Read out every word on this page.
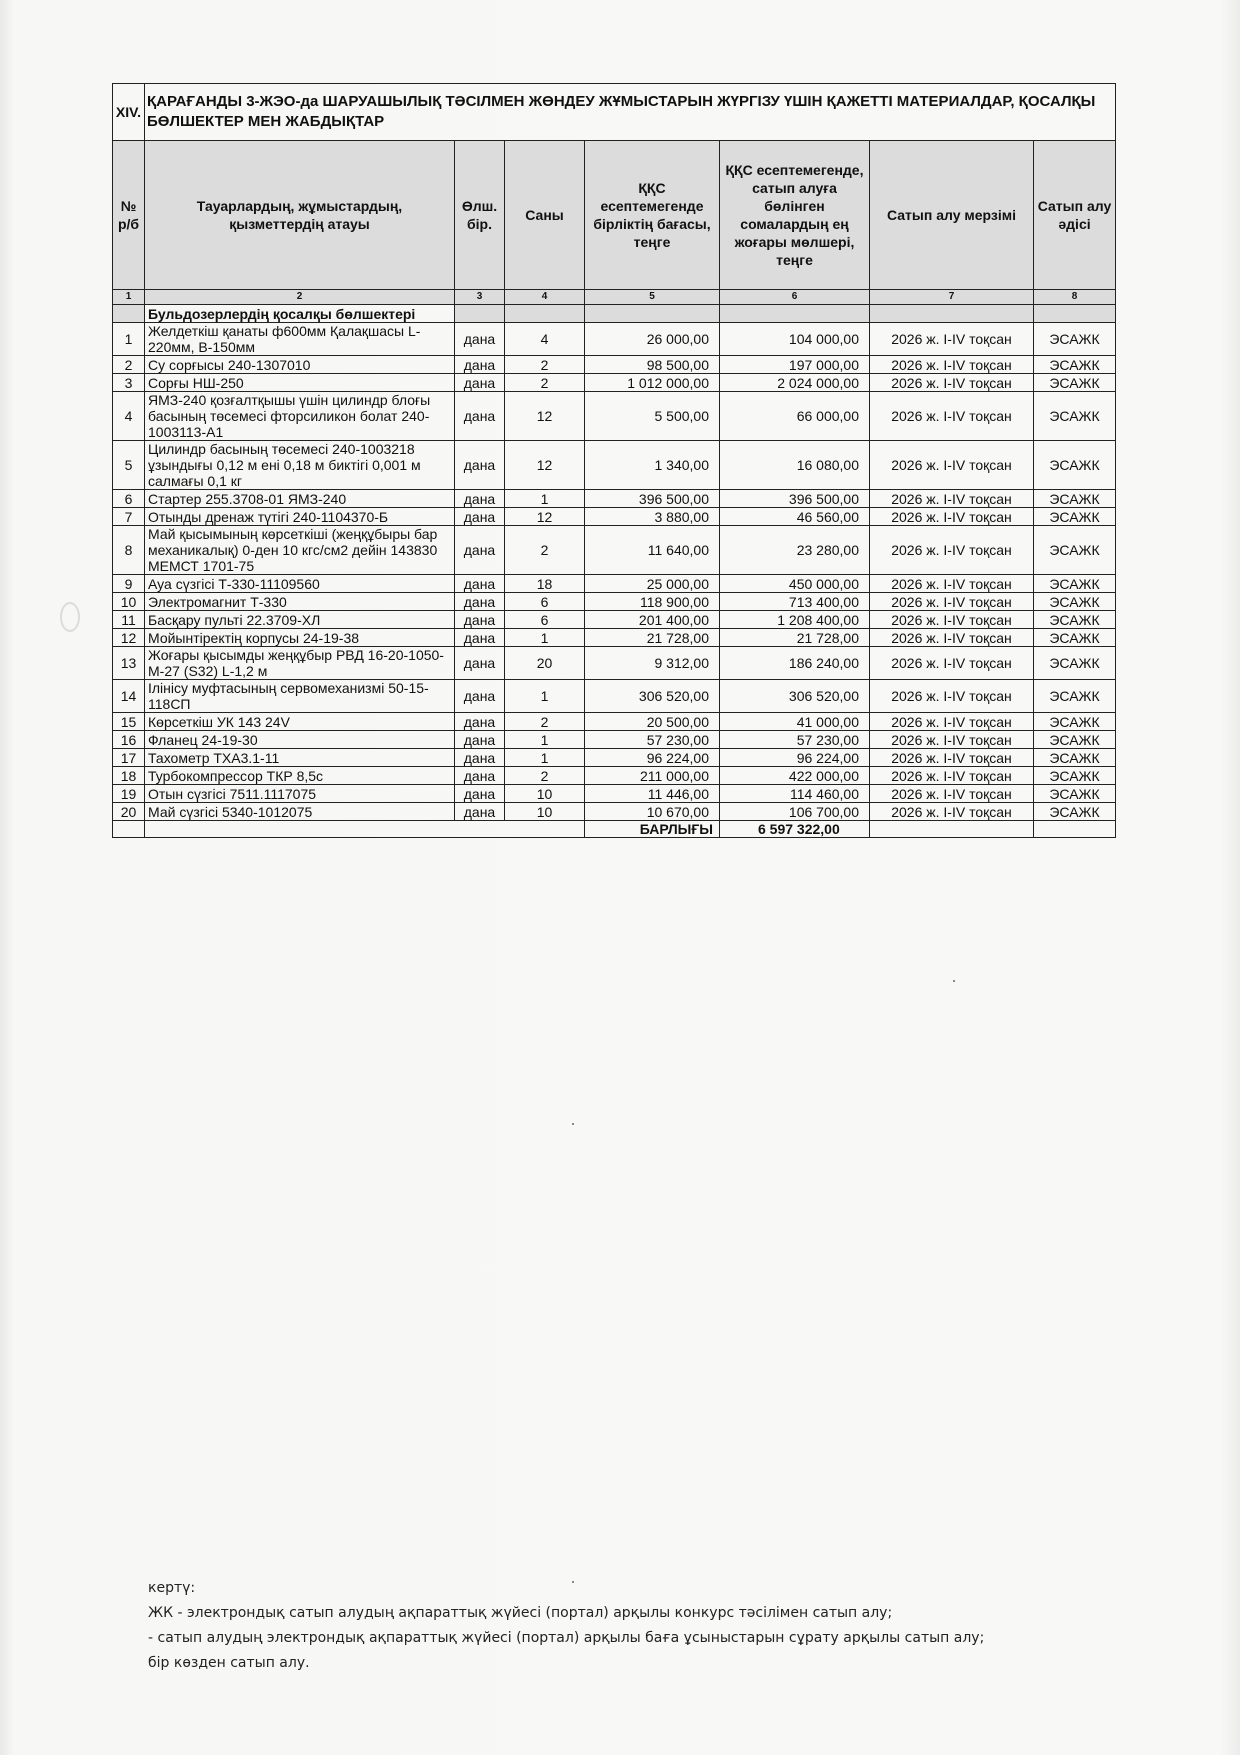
XIV.	ҚАРАҒАНДЫ 3-ЖЭО-да ШАРУАШЫЛЫҚ ТӘСІЛМЕН ЖӨНДЕУ ЖҰМЫСТАРЫН ЖҮРГІЗУ ҮШІН ҚАЖЕТТІ МАТЕРИАЛДАР, ҚОСАЛҚЫ БӨЛШЕКТЕР МЕН ЖАБДЫҚТАР						
№ р/б	Тауарлардың, жұмыстардың, қызметтердің атауы	Өлш. бір.	Саны	ҚҚС есептемегенде бірліктің бағасы, теңге	ҚҚС есептемегенде, сатып алуға бөлінген сомалардың ең жоғары мөлшері, теңге	Сатып алу мерзімі	Сатып алу әдісі
1	2	3	4	5	6	7	8
	Бульдозерлердің қосалқы бөлшектері						
1	Желдеткіш қанаты ф600мм Қалақшасы L-220мм, В-150мм	дана	4	26 000,00	104 000,00	2026 ж. I-IV тоқсан	ЭСАЖК
2	Су сорғысы 240-1307010	дана	2	98 500,00	197 000,00	2026 ж. I-IV тоқсан	ЭСАЖК
3	Сорғы НШ-250	дана	2	1 012 000,00	2 024 000,00	2026 ж. I-IV тоқсан	ЭСАЖК
4	ЯМЗ-240 қозғалтқышы үшін цилиндр блоғы басының төсемесі фторсиликон болат 240-1003113-А1	дана	12	5 500,00	66 000,00	2026 ж. I-IV тоқсан	ЭСАЖК
5	Цилиндр басының төсемесі 240-1003218 ұзындығы 0,12 м ені 0,18 м биктігі 0,001 м салмағы 0,1 кг	дана	12	1 340,00	16 080,00	2026 ж. I-IV тоқсан	ЭСАЖК
6	Стартер 255.3708-01 ЯМЗ-240	дана	1	396 500,00	396 500,00	2026 ж. I-IV тоқсан	ЭСАЖК
7	Отынды дренаж түтігі 240-1104370-Б	дана	12	3 880,00	46 560,00	2026 ж. I-IV тоқсан	ЭСАЖК
8	Май қысымының көрсеткіші (жеңқұбыры бар механикалық) 0-ден 10 кгс/см2 дейін 143830 МЕМСТ 1701-75	дана	2	11 640,00	23 280,00	2026 ж. I-IV тоқсан	ЭСАЖК
9	Ауа сүзгісі Т-330-11109560	дана	18	25 000,00	450 000,00	2026 ж. I-IV тоқсан	ЭСАЖК
10	Электромагнит Т-330	дана	6	118 900,00	713 400,00	2026 ж. I-IV тоқсан	ЭСАЖК
11	Басқару пульті 22.3709-ХЛ	дана	6	201 400,00	1 208 400,00	2026 ж. I-IV тоқсан	ЭСАЖК
12	Мойынтіректің корпусы 24-19-38	дана	1	21 728,00	21 728,00	2026 ж. I-IV тоқсан	ЭСАЖК
13	Жоғары қысымды жеңқұбыр РВД 16-20-1050-М-27 (S32) L-1,2 м	дана	20	9 312,00	186 240,00	2026 ж. I-IV тоқсан	ЭСАЖК
14	Ілінісу муфтасының сервомеханизмі 50-15-118СП	дана	1	306 520,00	306 520,00	2026 ж. I-IV тоқсан	ЭСАЖК
15	Көрсеткіш УК 143 24V	дана	2	20 500,00	41 000,00	2026 ж. I-IV тоқсан	ЭСАЖК
16	Фланец 24-19-30	дана	1	57 230,00	57 230,00	2026 ж. I-IV тоқсан	ЭСАЖК
17	Тахометр ТХА3.1-11	дана	1	96 224,00	96 224,00	2026 ж. I-IV тоқсан	ЭСАЖК
18	Турбокомпрессор ТКР 8,5с	дана	2	211 000,00	422 000,00	2026 ж. I-IV тоқсан	ЭСАЖК
19	Отын сүзгісі 7511.1117075	дана	10	11 446,00	114 460,00	2026 ж. I-IV тоқсан	ЭСАЖК
20	Май сүзгісі 5340-1012075	дана	10	10 670,00	106 700,00	2026 ж. I-IV тоқсан	ЭСАЖК
				БАРЛЫҒЫ	6 597 322,00		
кертү:
ЖК - электрондық сатып алудың ақпараттық жүйесі (портал) арқылы конкурс тәсілімен сатып алу;
- сатып алудың электрондық ақпараттық жүйесі (портал) арқылы баға ұсыныстарын сұрату арқылы сатып алу;
бір көзден сатып алу.
